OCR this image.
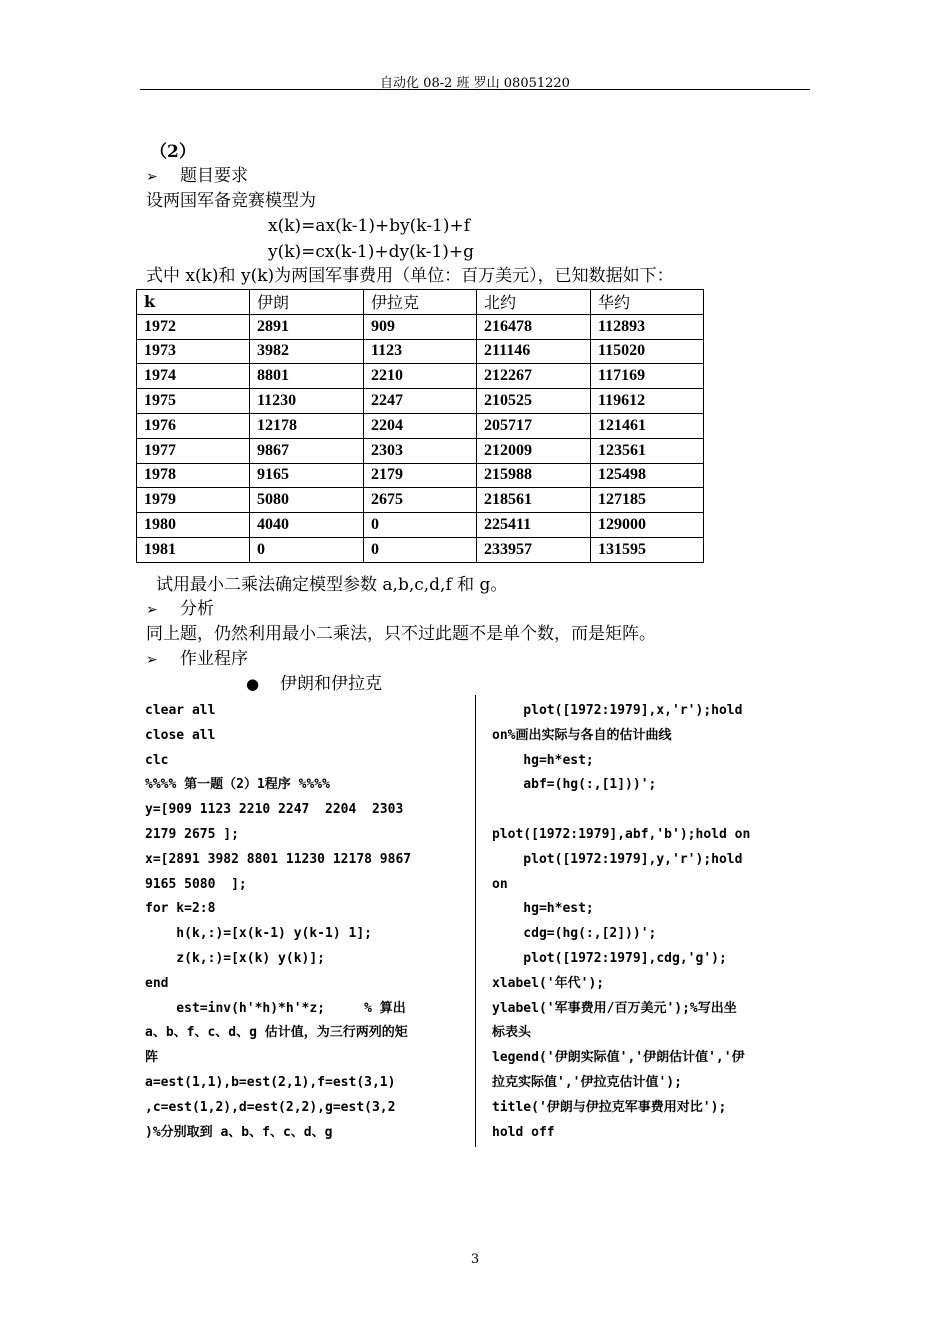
自动化 08-2 班 罗山 08051220
（2）
➢ 题目要求
设两国军备竞赛模型为
x(k)=ax(k-1)+by(k-1)+f
y(k)=cx(k-1)+dy(k-1)+g
式中 x(k)和 y(k)为两国军事费用（单位：百万美元），已知数据如下：
k	伊朗	伊拉克	北约	华约
1972	2891	909	216478	112893
1973	3982	1123	211146	115020
1974	8801	2210	212267	117169
1975	11230	2247	210525	119612
1976	12178	2204	205717	121461
1977	9867	2303	212009	123561
1978	9165	2179	215988	125498
1979	5080	2675	218561	127185
1980	4040	0	225411	129000
1981	0	0	233957	131595
试用最小二乘法确定模型参数 a,b,c,d,f 和 g。
➢ 分析
同上题，仍然利用最小二乘法，只不过此题不是单个数，而是矩阵。
➢ 作业程序
● 伊朗和伊拉克
clear all
close all
clc
%%%% 第一题（2）1程序 %%%%
y=[909 1123 2210 2247  2204  2303
2179 2675 ];
x=[2891 3982 8801 11230 12178 9867
9165 5080  ];
for k=2:8
h(k,:)=[x(k-1) y(k-1) 1];
z(k,:)=[x(k) y(k)];
end
est=inv(h'*h)*h'*z;     % 算出
a、b、f、c、d、g 估计值，为三行两列的矩
阵
a=est(1,1),b=est(2,1),f=est(3,1)
,c=est(1,2),d=est(2,2),g=est(3,2
)%分别取到 a、b、f、c、d、g
plot([1972:1979],x,'r');hold
on%画出实际与各自的估计曲线
hg=h*est;
abf=(hg(:,[1]))';

plot([1972:1979],abf,'b');hold on
plot([1972:1979],y,'r');hold
on
hg=h*est;
cdg=(hg(:,[2]))';
plot([1972:1979],cdg,'g');
xlabel('年代');
ylabel('军事费用/百万美元');%写出坐
标表头
legend('伊朗实际值','伊朗估计值','伊
拉克实际值','伊拉克估计值');
title('伊朗与伊拉克军事费用对比');
hold off
3
